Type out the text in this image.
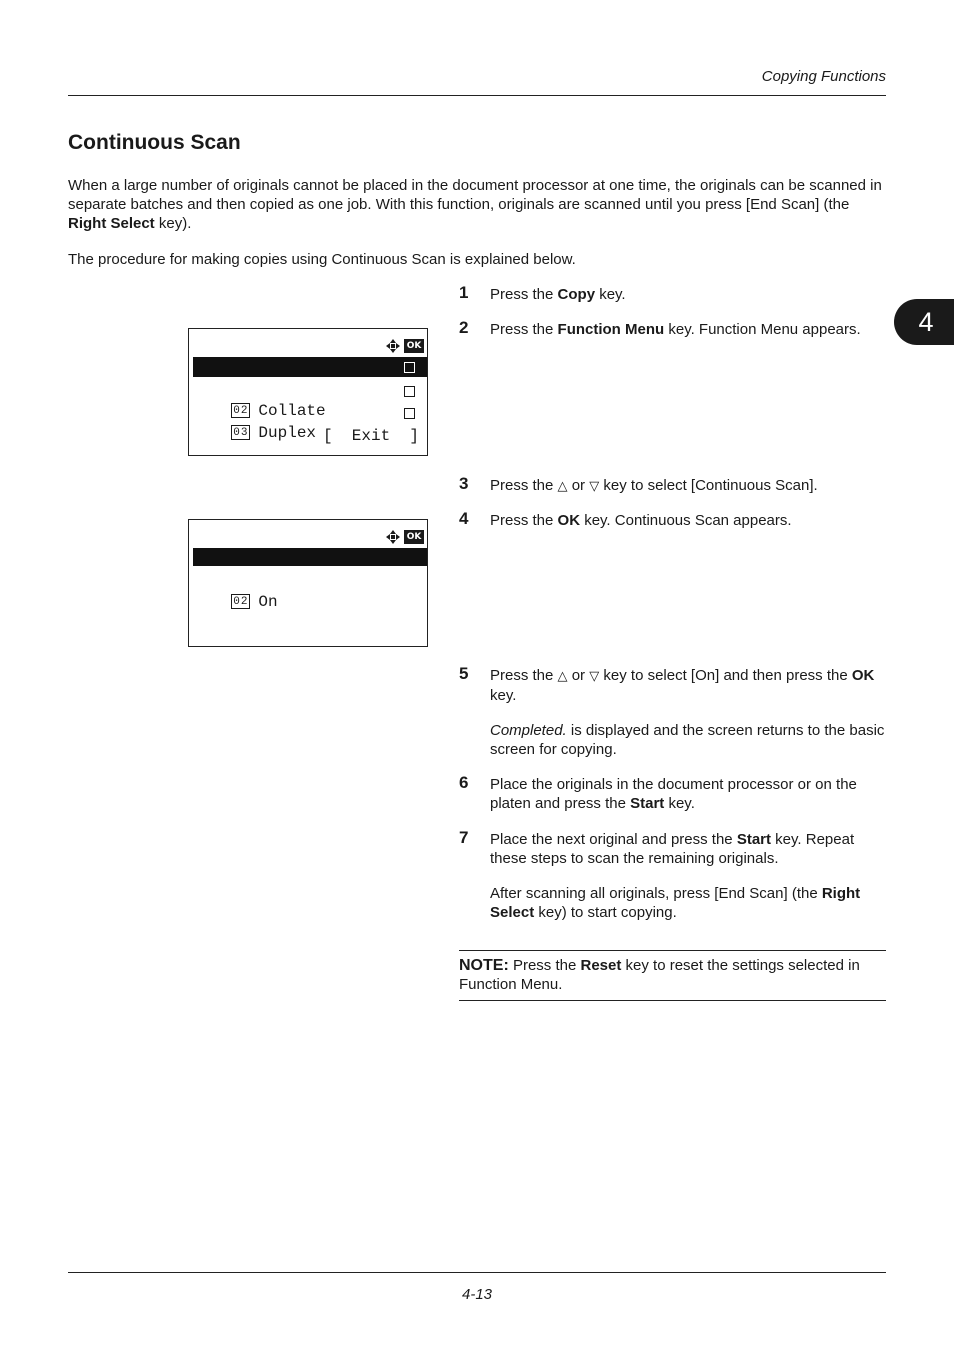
Copying Functions
4
Continuous Scan
When a large number of originals cannot be placed in the document processor at one time, the originals can be scanned in separate batches and then copied as one job. With this function, originals are scanned until you press [End Scan] (the Right Select key).
The procedure for making copies using Continuous Scan is explained below.

OK

01 Paper Selection

02 Collate

03 Duplex

[  Exit  ]

OK

01 *Off

02 On

1 Press the Copy key.
2 Press the Function Menu key. Function Menu appears.
3 Press the △ or ▽ key to select [Continuous Scan].
4 Press the OK key. Continuous Scan appears.
5 Press the △ or ▽ key to select [On] and then press the OK key.
Completed. is displayed and the screen returns to the basic screen for copying.
6 Place the originals in the document processor or on the platen and press the Start key.
7 Place the next original and press the Start key. Repeat these steps to scan the remaining originals.
After scanning all originals, press [End Scan] (the Right Select key) to start copying.
NOTE: Press the Reset key to reset the settings selected in Function Menu.
4-13
